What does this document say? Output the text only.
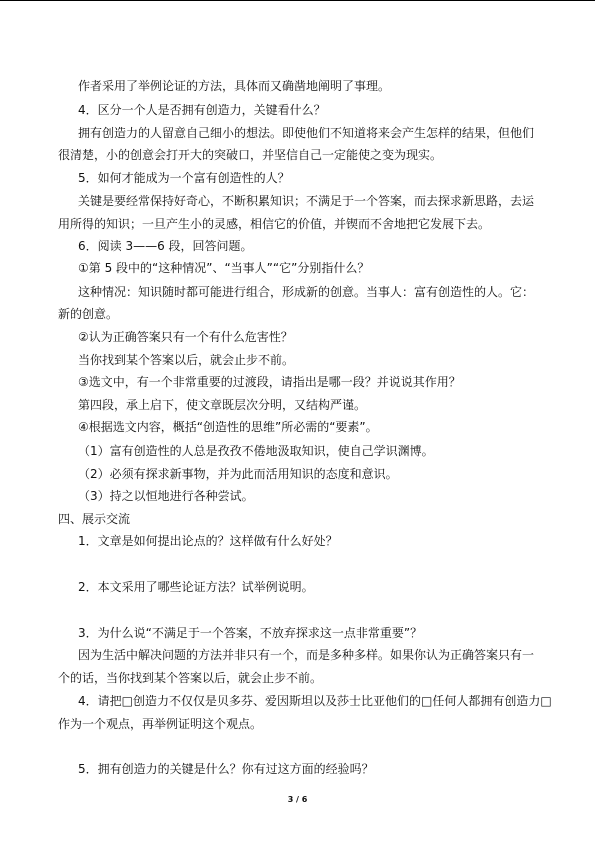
作者采用了举例论证的方法，具体而又确凿地阐明了事理。
4．区分一个人是否拥有创造力，关键看什么？
拥有创造力的人留意自己细小的想法。即使他们不知道将来会产生怎样的结果，但他们
很清楚，小的创意会打开大的突破口，并坚信自己一定能使之变为现实。
5．如何才能成为一个富有创造性的人？
关键是要经常保持好奇心，不断积累知识；不满足于一个答案，而去探求新思路，去运
用所得的知识；一旦产生小的灵感，相信它的价值，并锲而不舍地把它发展下去。
6．阅读 3——6 段，回答问题。
①第 5 段中的“这种情况”、“当事人”“它”分别指什么？
这种情况：知识随时都可能进行组合，形成新的创意。当事人：富有创造性的人。它：
新的创意。
②认为正确答案只有一个有什么危害性？
当你找到某个答案以后，就会止步不前。
③选文中，有一个非常重要的过渡段，请指出是哪一段？并说说其作用？
第四段，承上启下，使文章既层次分明，又结构严谨。
④根据选文内容，概括“创造性的思维”所必需的“要素”。
（1）富有创造性的人总是孜孜不倦地汲取知识，使自己学识渊博。
（2）必须有探求新事物，并为此而活用知识的态度和意识。
（3）持之以恒地进行各种尝试。
四、展示交流
1．文章是如何提出论点的？这样做有什么好处？
2．本文采用了哪些论证方法？试举例说明。
3．为什么说“不满足于一个答案，不放弃探求这一点非常重要”？
因为生活中解决问题的方法并非只有一个，而是多种多样。如果你认为正确答案只有一
个的话，当你找到某个答案以后，就会止步不前。
4．请把□创造力不仅仅是贝多芬、爱因斯坦以及莎士比亚他们的□任何人都拥有创造力□
作为一个观点，再举例证明这个观点。
5．拥有创造力的关键是什么？你有过这方面的经验吗？
3 / 6
